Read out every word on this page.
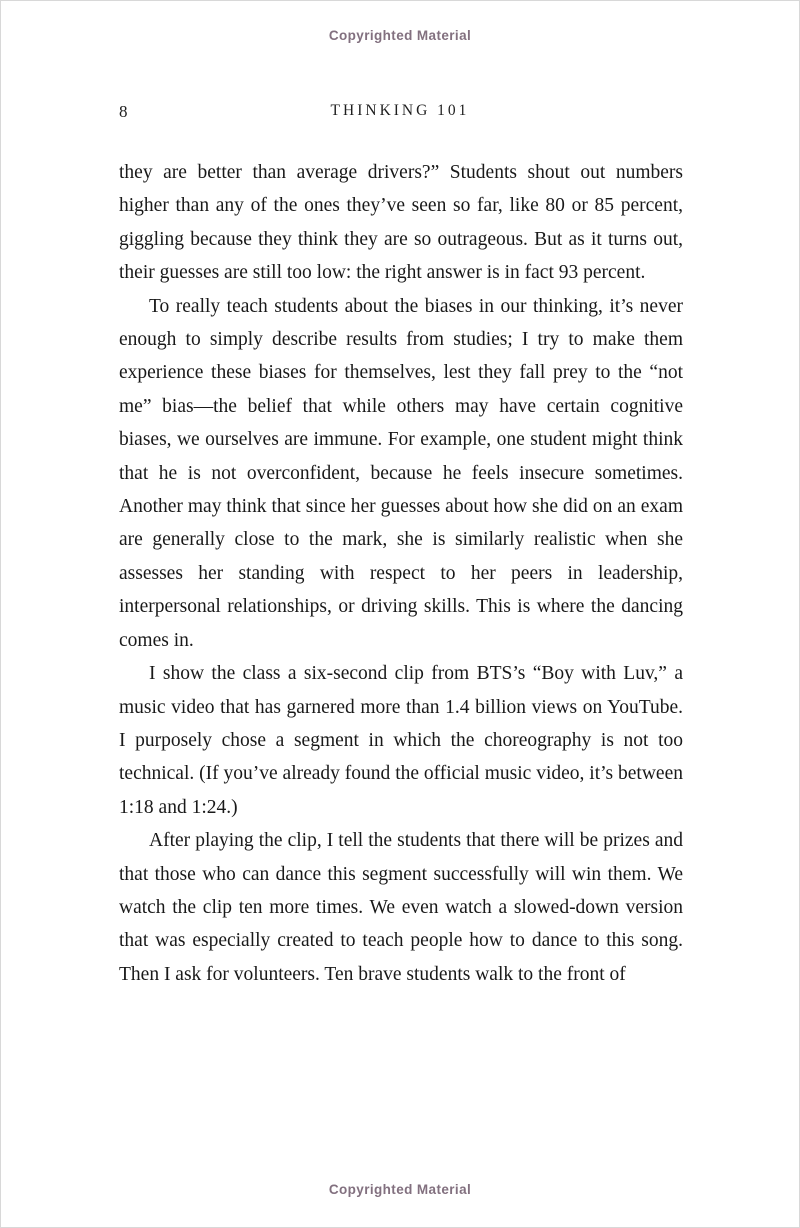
Copyrighted Material
8	THINKING 101

they are better than average drivers?” Students shout out numbers higher than any of the ones they’ve seen so far, like 80 or 85 percent, giggling because they think they are so outrageous. But as it turns out, their guesses are still too low: the right answer is in fact 93 percent.

To really teach students about the biases in our thinking, it’s never enough to simply describe results from studies; I try to make them experience these biases for themselves, lest they fall prey to the “not me” bias—the belief that while others may have certain cognitive biases, we ourselves are immune. For example, one student might think that he is not overconfident, because he feels insecure sometimes. Another may think that since her guesses about how she did on an exam are generally close to the mark, she is similarly realistic when she assesses her standing with respect to her peers in leadership, interpersonal relationships, or driving skills. This is where the dancing comes in.

I show the class a six-second clip from BTS’s “Boy with Luv,” a music video that has garnered more than 1.4 billion views on YouTube. I purposely chose a segment in which the choreography is not too technical. (If you’ve already found the official music video, it’s between 1:18 and 1:24.)

After playing the clip, I tell the students that there will be prizes and that those who can dance this segment successfully will win them. We watch the clip ten more times. We even watch a slowed-down version that was especially created to teach people how to dance to this song. Then I ask for volunteers. Ten brave students walk to the front of

Copyrighted Material
